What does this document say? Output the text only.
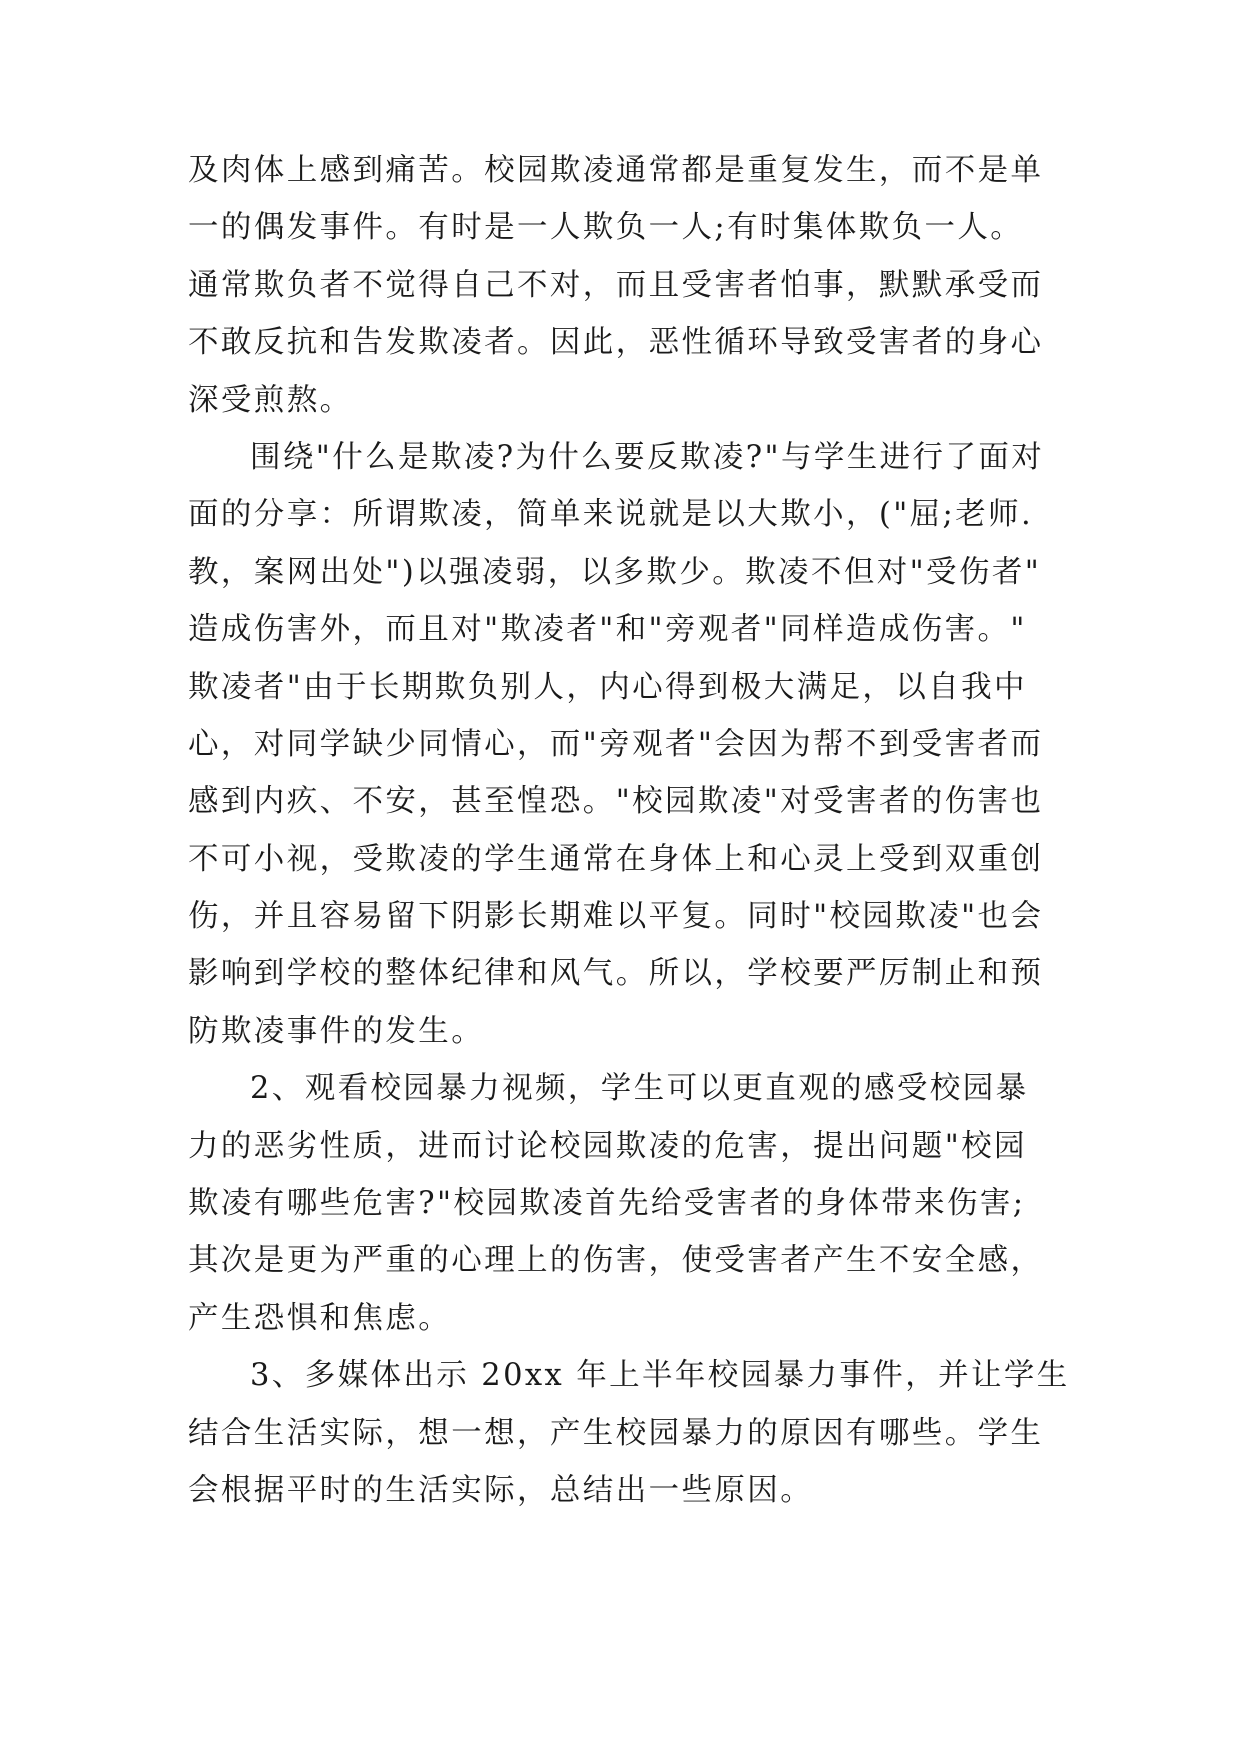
及肉体上感到痛苦。校园欺凌通常都是重复发生，而不是单
一的偶发事件。有时是一人欺负一人;有时集体欺负一人。
通常欺负者不觉得自己不对，而且受害者怕事，默默承受而
不敢反抗和告发欺凌者。因此，恶性循环导致受害者的身心
深受煎熬。
围绕"什么是欺凌?为什么要反欺凌?"与学生进行了面对
面的分享：所谓欺凌，简单来说就是以大欺小，("屈;老师.
教，案网出处")以强凌弱，以多欺少。欺凌不但对"受伤者"
造成伤害外，而且对"欺凌者"和"旁观者"同样造成伤害。"
欺凌者"由于长期欺负别人，内心得到极大满足，以自我中
心，对同学缺少同情心，而"旁观者"会因为帮不到受害者而
感到内疚、不安，甚至惶恐。"校园欺凌"对受害者的伤害也
不可小视，受欺凌的学生通常在身体上和心灵上受到双重创
伤，并且容易留下阴影长期难以平复。同时"校园欺凌"也会
影响到学校的整体纪律和风气。所以，学校要严厉制止和预
防欺凌事件的发生。
2、观看校园暴力视频，学生可以更直观的感受校园暴
力的恶劣性质，进而讨论校园欺凌的危害，提出问题"校园
欺凌有哪些危害?"校园欺凌首先给受害者的身体带来伤害;
其次是更为严重的心理上的伤害，使受害者产生不安全感，
产生恐惧和焦虑。
3、多媒体出示 20xx 年上半年校园暴力事件，并让学生
结合生活实际，想一想，产生校园暴力的原因有哪些。学生
会根据平时的生活实际，总结出一些原因。
